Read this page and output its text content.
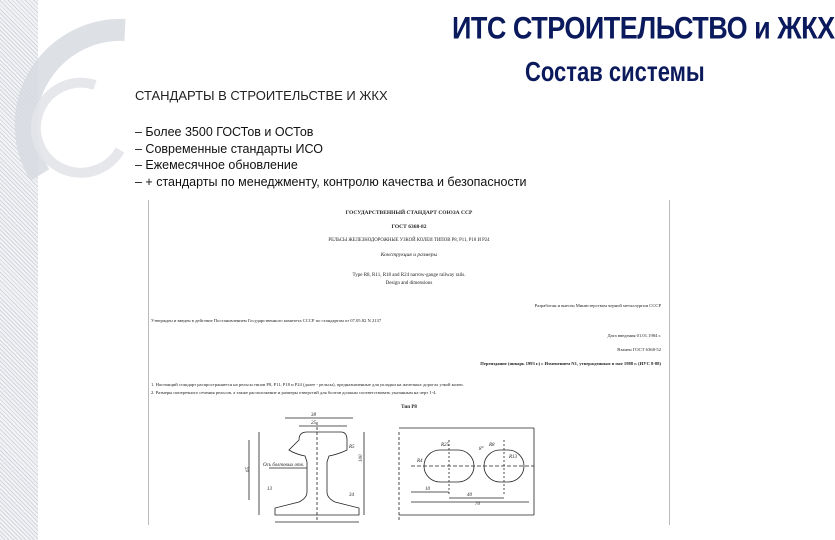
ИТС СТРОИТЕЛЬСТВО и ЖКХ
Состав системы
СТАНДАРТЫ В СТРОИТЕЛЬСТВЕ И ЖКХ
– Более 3500 ГОСТов и ОСТов
– Современные стандарты ИСО
– Ежемесячное обновление
– + стандарты по менеджменту, контролю качества и безопасности
ГОСУДАРСТВЕННЫЙ СТАНДАРТ СОЮЗА ССР
ГОСТ 6368-82
РЕЛЬСЫ ЖЕЛЕЗНОДОРОЖНЫЕ УЗКОЙ КОЛЕИ ТИПОВ Р8, Р11, Р18 И Р24
Конструкция и размеры
Type R8, R11, R18 and R24 narrow-gauge railway rails.
Design and dimensions
Разработан и внесен Министерством черной металлургии СССР
Утвержден и введен в действие Постановлением Государственного комитета СССР по стандартам от 07.05.82 N 2137
Дата введения 01.01.1984 г.
Взамен ГОСТ 6368-52
Переиздание (январь 1993 г.) с Изменением N1, утвержденным в мае 1988 г. (ИУС 8-88)
1. Настоящий стандарт распространяется на рельсы типов Р8, Р11, Р18 и Р24 (далее - рельсы), предназначенные для укладки на железных дорогах узкой колеи.
2. Размеры поперечного сечения рельсов, а также расположение и размеры отверстий для болтов должны соответствовать указанным на черт 1-4.
Тип Р8
25
38
65
R5
Ось болтовых отв.
13
100
34
R25	R8
R4
10
70
40
R13
8°
